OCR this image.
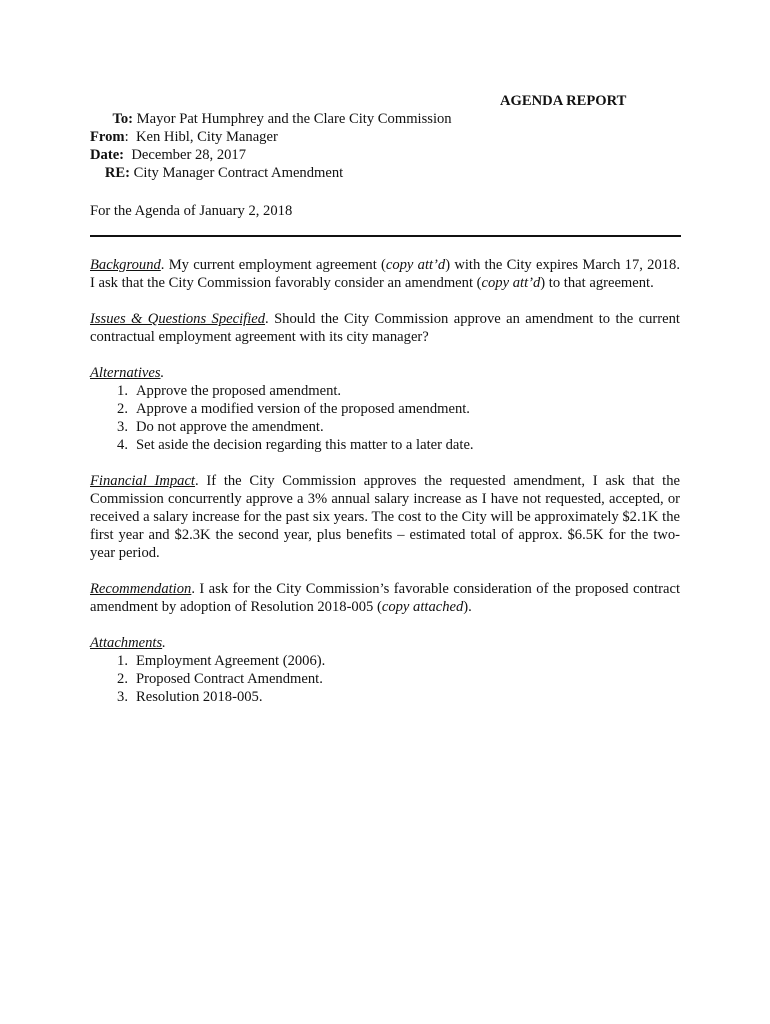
AGENDA REPORT
To: Mayor Pat Humphrey and the Clare City Commission
From: Ken Hibl, City Manager
Date: December 28, 2017
RE: City Manager Contract Amendment
For the Agenda of January 2, 2018

Background. My current employment agreement (copy att’d) with the City expires March 17, 2018. I ask that the City Commission favorably consider an amendment (copy att’d) to that agreement.

Issues & Questions Specified. Should the City Commission approve an amendment to the current contractual employment agreement with its city manager?

Alternatives.

1. Approve the proposed amendment.
2. Approve a modified version of the proposed amendment.
3. Do not approve the amendment.
4. Set aside the decision regarding this matter to a later date.

Financial Impact. If the City Commission approves the requested amendment, I ask that the Commission concurrently approve a 3% annual salary increase as I have not requested, accepted, or received a salary increase for the past six years. The cost to the City will be approximately $2.1K the first year and $2.3K the second year, plus benefits – estimated total of approx. $6.5K for the two-year period.

Recommendation. I ask for the City Commission’s favorable consideration of the proposed contract amendment by adoption of Resolution 2018-005 (copy attached).

Attachments.

1. Employment Agreement (2006).
2. Proposed Contract Amendment.
3. Resolution 2018-005.
